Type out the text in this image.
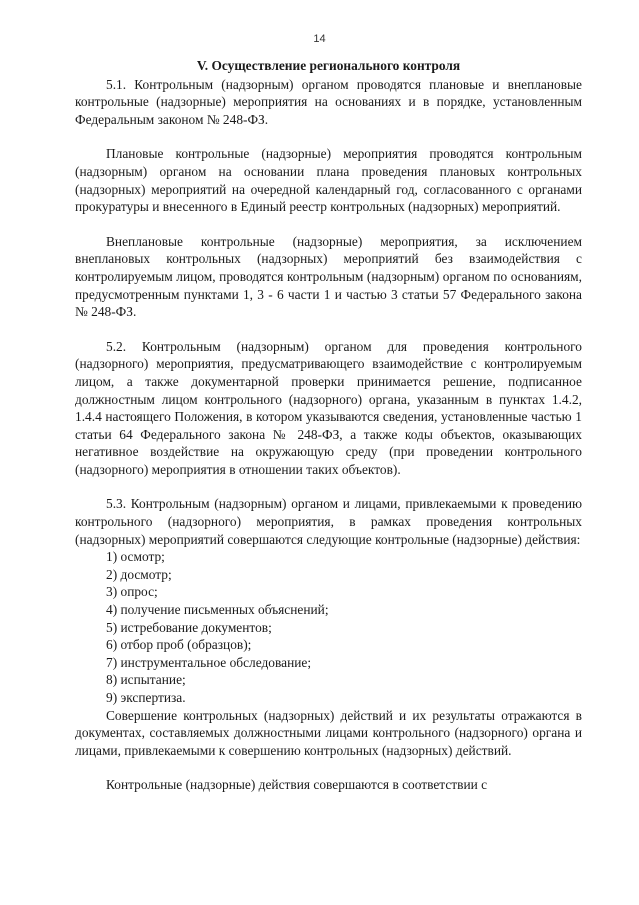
14

V. Осуществление регионального контроля

5.1. Контрольным (надзорным) органом проводятся плановые и внеплановые контрольные (надзорные) мероприятия на основаниях и в порядке, установленным Федеральным законом № 248-ФЗ.

Плановые контрольные (надзорные) мероприятия проводятся контрольным (надзорным) органом на основании плана проведения плановых контрольных (надзорных) мероприятий на очередной календарный год, согласованного с органами прокуратуры и внесенного в Единый реестр контрольных (надзорных) мероприятий.

Внеплановые контрольные (надзорные) мероприятия, за исключением внеплановых контрольных (надзорных) мероприятий без взаимодействия с контролируемым лицом, проводятся контрольным (надзорным) органом по основаниям, предусмотренным пунктами 1, 3 - 6 части 1 и частью 3 статьи 57 Федерального закона № 248-ФЗ.

5.2. Контрольным (надзорным) органом для проведения контрольного (надзорного) мероприятия, предусматривающего взаимодействие с контролируемым лицом, а также документарной проверки принимается решение, подписанное должностным лицом контрольного (надзорного) органа, указанным в пунктах 1.4.2, 1.4.4 настоящего Положения, в котором указываются сведения, установленные частью 1 статьи 64 Федерального закона № 248-ФЗ, а также коды объектов, оказывающих негативное воздействие на окружающую среду (при проведении контрольного (надзорного) мероприятия в отношении таких объектов).

5.3. Контрольным (надзорным) органом и лицами, привлекаемыми к проведению контрольного (надзорного) мероприятия, в рамках проведения контрольных (надзорных) мероприятий совершаются следующие контрольные (надзорные) действия:

1) осмотр;
2) досмотр;
3) опрос;
4) получение письменных объяснений;
5) истребование документов;
6) отбор проб (образцов);
7) инструментальное обследование;
8) испытание;
9) экспертиза.

Совершение контрольных (надзорных) действий и их результаты отражаются в документах, составляемых должностными лицами контрольного (надзорного) органа и лицами, привлекаемыми к совершению контрольных (надзорных) действий.

Контрольные (надзорные) действия совершаются в соответствии с
